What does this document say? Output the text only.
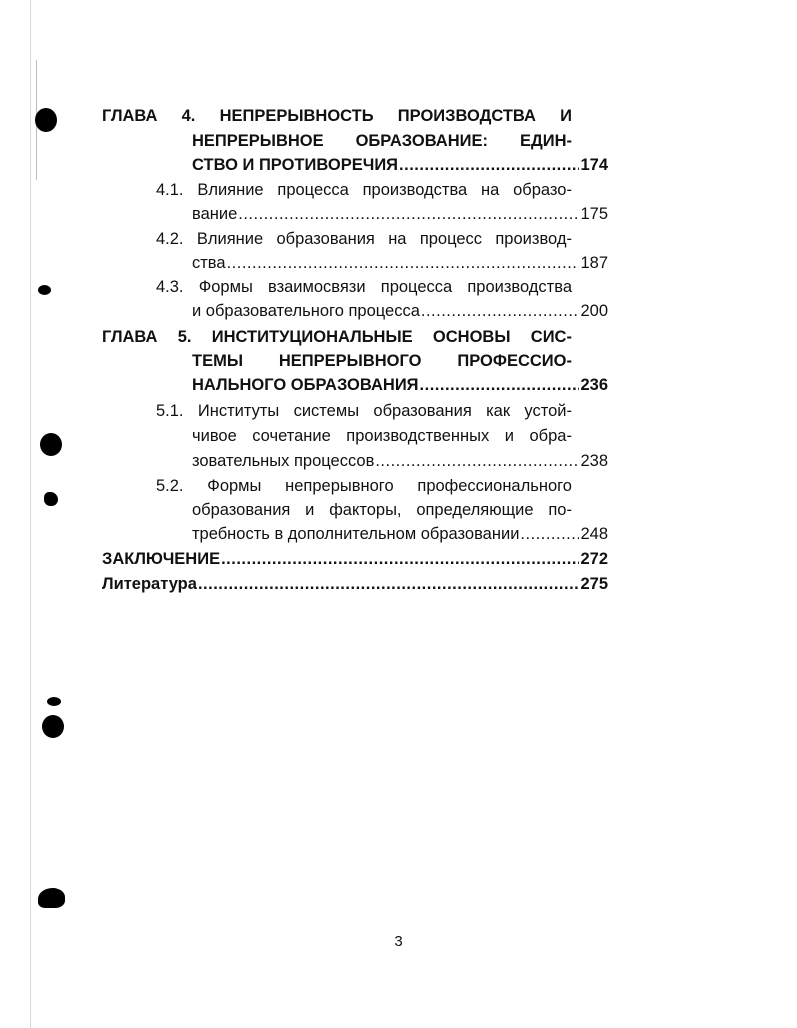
ГЛАВА 4. НЕПРЕРЫВНОСТЬ ПРОИЗВОДСТВА И
НЕПРЕРЫВНОЕ ОБРАЗОВАНИЕ: ЕДИН-
СТВО И ПРОТИВОРЕЧИЯ .....	174
4.1. Влияние процесса производства на образо-
вание .....	175
4.2. Влияние образования на процесс производ-
ства .....	187
4.3. Формы взаимосвязи процесса производства
и образовательного процесса .....	200
ГЛАВА 5. ИНСТИТУЦИОНАЛЬНЫЕ ОСНОВЫ СИС-
ТЕМЫ НЕПРЕРЫВНОГО ПРОФЕССИО-
НАЛЬНОГО ОБРАЗОВАНИЯ .....	236
5.1. Институты системы образования как устой-
чивое сочетание производственных и обра-
зовательных процессов .....	238
5.2. Формы непрерывного профессионального
образования и факторы, определяющие по-
требность в дополнительном образовании .....	248
ЗАКЛЮЧЕНИЕ .....	272
Литература .....	275
3
